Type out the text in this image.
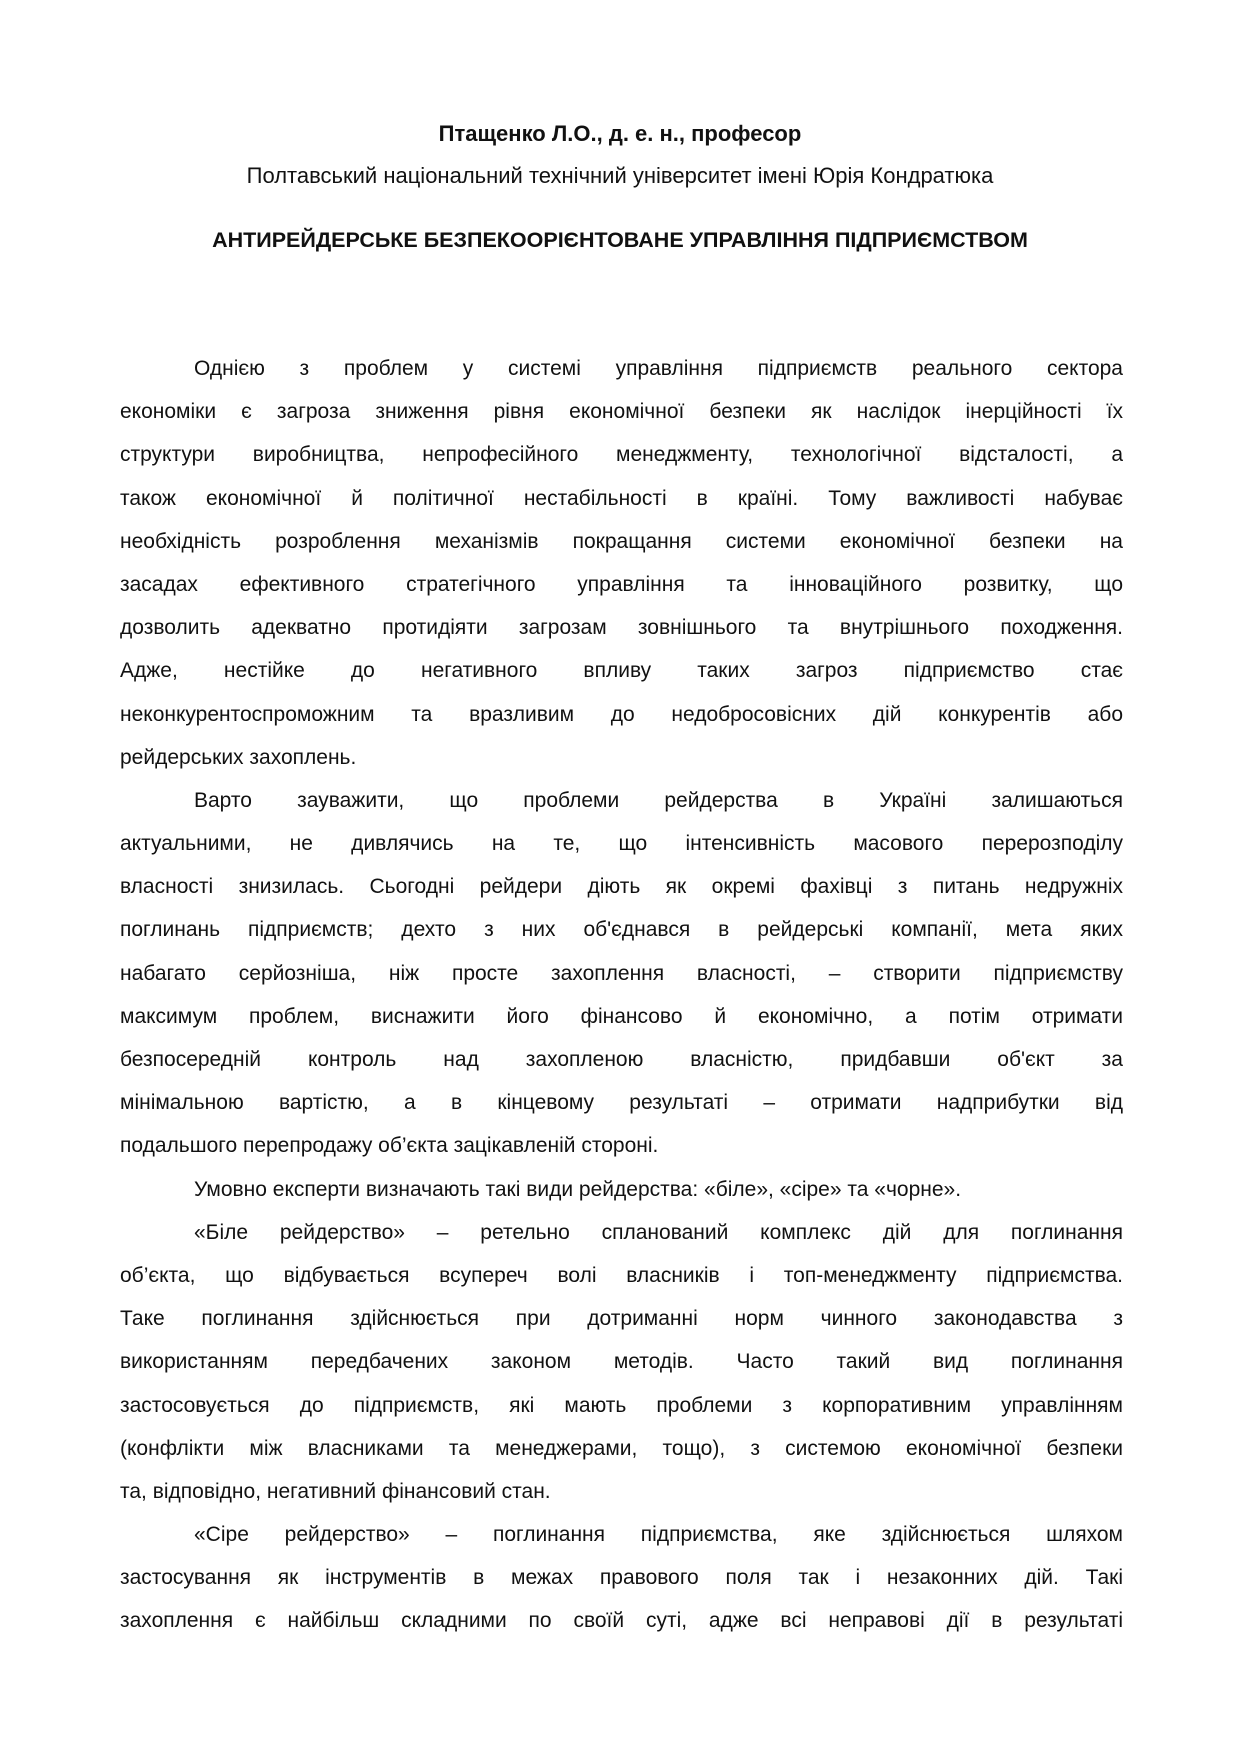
Птащенко Л.О., д. е. н., професор
Полтавський національний технічний університет імені Юрія Кондратюка
АНТИРЕЙДЕРСЬКЕ БЕЗПЕКООРІЄНТОВАНЕ УПРАВЛІННЯ ПІДПРИЄМСТВОМ
Однією з проблем у системі управління підприємств реального сектора
економіки є загроза зниження рівня економічної безпеки як наслідок інерційності їх
структури виробництва, непрофесійного менеджменту, технологічної відсталості, а
також економічної й політичної нестабільності в країні. Тому важливості набуває
необхідність розроблення механізмів покращання системи економічної безпеки на
засадах ефективного стратегічного управління та інноваційного розвитку, що
дозволить адекватно протидіяти загрозам зовнішнього та внутрішнього походження.
Адже, нестійке до негативного впливу таких загроз підприємство стає
неконкурентоспроможним та вразливим до недобросовісних дій конкурентів або
рейдерських захоплень.
Варто зауважити, що проблеми рейдерства в Україні залишаються
актуальними, не дивлячись на те, що інтенсивність масового перерозподілу
власності знизилась. Сьогодні рейдери діють як окремі фахівці з питань недружніх
поглинань підприємств; дехто з них об'єднався в рейдерські компанії, мета яких
набагато серйозніша, ніж просте захоплення власності, – створити підприємству
максимум проблем, виснажити його фінансово й економічно, а потім отримати
безпосередній контроль над захопленою власністю, придбавши об'єкт за
мінімальною вартістю, а в кінцевому результаті – отримати надприбутки від
подальшого перепродажу об’єкта зацікавленій стороні.
Умовно експерти визначають такі види рейдерства: «біле», «сіре» та «чорне».
«Біле рейдерство» – ретельно спланований комплекс дій для поглинання
об’єкта, що відбувається всупереч волі власників і топ-менеджменту підприємства.
Таке поглинання здійснюється при дотриманні норм чинного законодавства з
використанням передбачених законом методів. Часто такий вид поглинання
застосовується до підприємств, які мають проблеми з корпоративним управлінням
(конфлікти між власниками та менеджерами, тощо), з системою економічної безпеки
та, відповідно, негативний фінансовий стан.
«Сіре рейдерство» – поглинання підприємства, яке здійснюється шляхом
застосування як інструментів в межах правового поля так і незаконних дій. Такі
захоплення є найбільш складними по своїй суті, адже всі неправові дії в результаті
